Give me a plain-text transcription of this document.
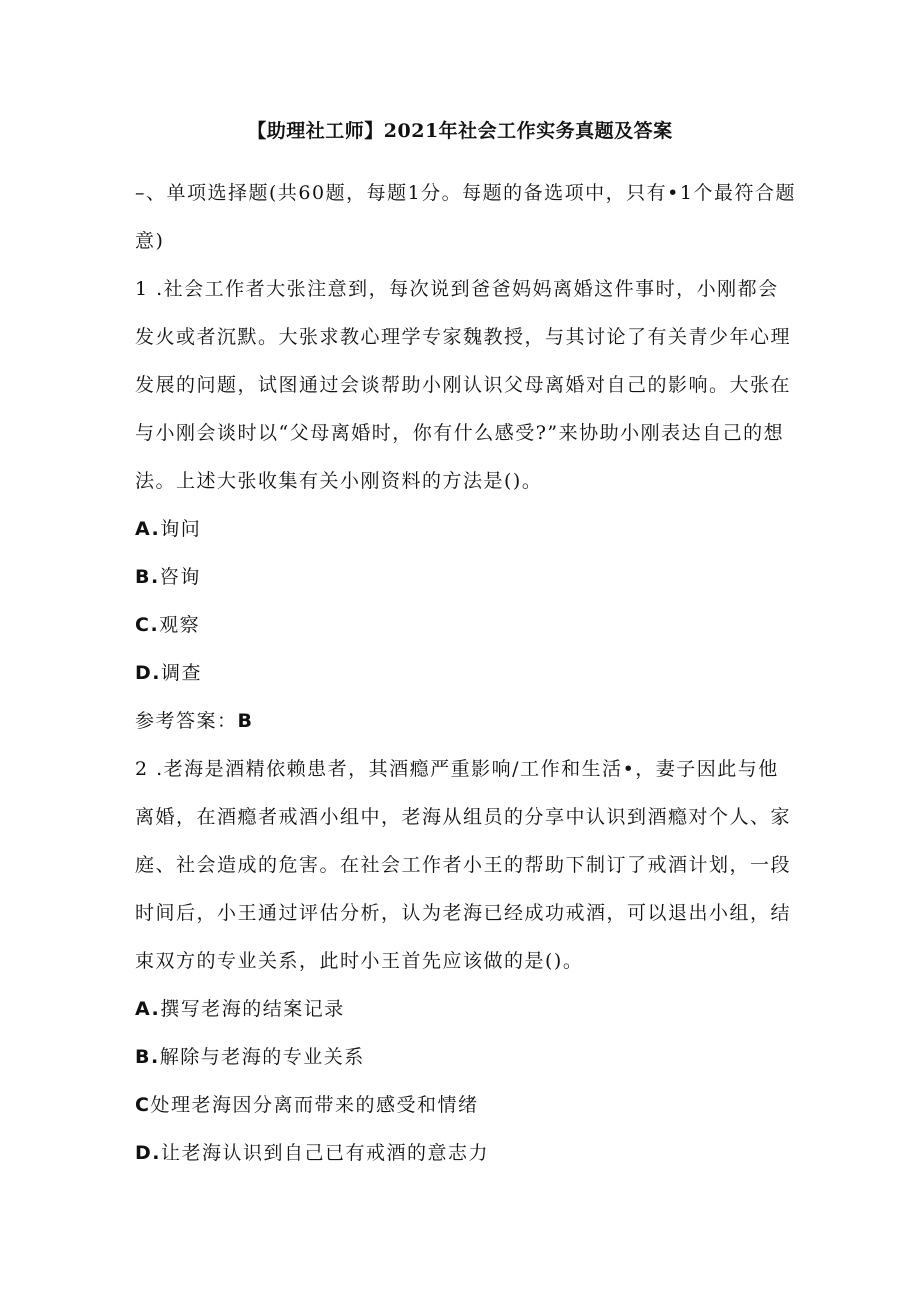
【助理社工师】2021年社会工作实务真题及答案
–、单项选择题(共60题，每题1分。每题的备选项中，只有•1个最符合题
意)
1 .社会工作者大张注意到，每次说到爸爸妈妈离婚这件事时，小刚都会
发火或者沉默。大张求教心理学专家魏教授，与其讨论了有关青少年心理
发展的问题，试图通过会谈帮助小刚认识父母离婚对自己的影响。大张在
与小刚会谈时以“父母离婚时，你有什么感受?”来协助小刚表达自己的想
法。上述大张收集有关小刚资料的方法是()。
A.询问
B.咨询
C.观察
D.调查
参考答案：B
2 .老海是酒精依赖患者，其酒瘾严重影响/工作和生活•，妻子因此与他
离婚，在酒瘾者戒酒小组中，老海从组员的分享中认识到酒瘾对个人、家
庭、社会造成的危害。在社会工作者小王的帮助下制订了戒酒计划，一段
时间后，小王通过评估分析，认为老海已经成功戒酒，可以退出小组，结
束双方的专业关系，此时小王首先应该做的是()。
A.撰写老海的结案记录
B.解除与老海的专业关系
C处理老海因分离而带来的感受和情绪
D.让老海认识到自己已有戒酒的意志力
